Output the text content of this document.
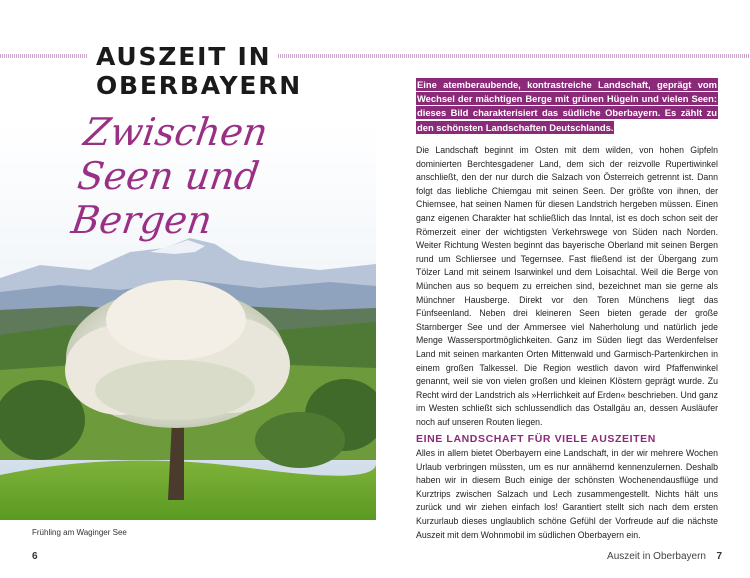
AUSZEIT IN
OBERBAYERN
Zwischen Seen und Bergen
Frühling am Waginger See
6

Eine atemberaubende, kontrastreiche Landschaft, geprägt vom Wechsel der mächtigen Berge mit grünen Hügeln und vielen Seen: dieses Bild charakterisiert das südliche Oberbayern. Es zählt zu den schönsten Landschaften Deutschlands.

Die Landschaft beginnt im Osten mit dem wilden, von hohen Gipfeln dominierten Berchtesgadener Land, dem sich der reizvolle Rupertiwinkel anschließt, den der nur durch die Salzach von Österreich getrennt ist. Dann folgt das liebliche Chiemgau mit seinen Seen. Der größte von ihnen, der Chiemsee, hat seinen Namen für diesen Landstrich hergeben müssen. Einen ganz eigenen Charakter hat schließlich das Inntal, ist es doch schon seit der Römerzeit einer der wichtigsten Verkehrswege von Süden nach Norden. Weiter Richtung Westen beginnt das bayerische Oberland mit seinen Bergen rund um Schliersee und Tegernsee. Fast fließend ist der Übergang zum Tölzer Land mit seinem Isarwinkel und dem Loisachtal. Weil die Berge von München aus so bequem zu erreichen sind, bezeichnet man sie gerne als Münchner Hausberge. Direkt vor den Toren Münchens liegt das Fünfseenland. Neben drei kleineren Seen bieten gerade der große Starnberger See und der Ammersee viel Naherholung und natürlich jede Menge Wassersportmöglichkeiten. Ganz im Süden liegt das Werdenfelser Land mit seinen markanten Orten Mittenwald und Garmisch-Partenkirchen in einem großen Talkessel. Die Region westlich davon wird Pfaffenwinkel genannt, weil sie von vielen großen und kleinen Klöstern geprägt wurde. Zu Recht wird der Landstrich als »Herrlichkeit auf Erden« beschrieben. Und ganz im Westen schließt sich schlussendlich das Ostallgäu an, dessen Ausläufer noch auf unseren Routen liegen.

EINE LANDSCHAFT FÜR VIELE AUSZEITEN

Alles in allem bietet Oberbayern eine Landschaft, in der wir mehrere Wochen Urlaub verbringen müssten, um es nur annähernd kennenzulernen. Deshalb haben wir in diesem Buch einige der schönsten Wochenendausflüge und Kurztrips zwischen Salzach und Lech zusammengestellt. Nichts hält uns zurück und wir ziehen einfach los! Garantiert stellt sich nach dem ersten Kurzurlaub dieses unglaublich schöne Gefühl der Vorfreude auf die nächste Auszeit mit dem Wohnmobil im südlichen Oberbayern ein.

Auszeit in Oberbayern 7
